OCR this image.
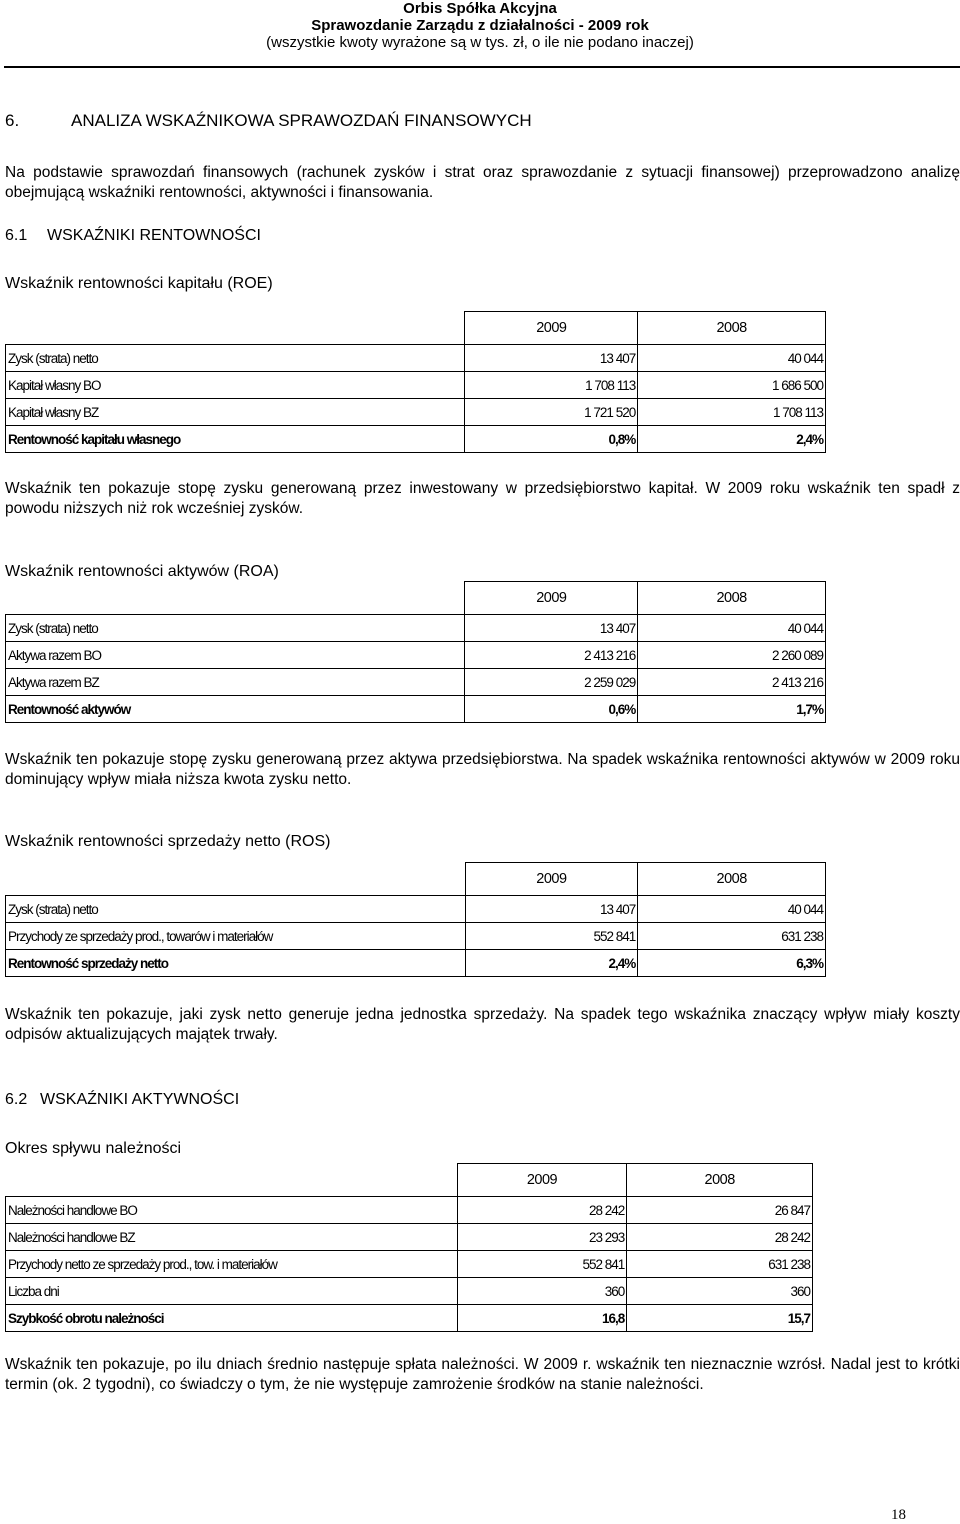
Orbis Spółka Akcyjna
Sprawozdanie Zarządu z działalności - 2009 rok
(wszystkie kwoty wyrażone są w tys. zł, o ile nie podano inaczej)
6.	ANALIZA WSKAŹNIKOWA SPRAWOZDAŃ FINANSOWYCH
Na podstawie sprawozdań finansowych (rachunek zysków i strat oraz sprawozdanie z sytuacji finansowej) przeprowadzono analizę obejmującą wskaźniki rentowności, aktywności i finansowania.
6.1 WSKAŹNIKI RENTOWNOŚCI
Wskaźnik rentowności kapitału (ROE)
	2009	2008
Zysk (strata) netto	13 407	40 044
Kapitał własny BO	1 708 113	1 686 500
Kapitał własny BZ	1 721 520	1 708 113
Rentowność kapitału własnego	0,8%	2,4%
Wskaźnik ten pokazuje stopę zysku generowaną przez inwestowany w przedsiębiorstwo kapitał. W 2009 roku wskaźnik ten spadł z powodu niższych niż rok wcześniej zysków.
Wskaźnik rentowności aktywów (ROA)
	2009	2008
Zysk (strata) netto	13 407	40 044
Aktywa razem BO	2 413 216	2 260 089
Aktywa razem BZ	2 259 029	2 413 216
Rentowność aktywów	0,6%	1,7%
Wskaźnik ten pokazuje stopę zysku generowaną przez aktywa przedsiębiorstwa. Na spadek wskaźnika rentowności aktywów w 2009 roku dominujący wpływ miała niższa kwota zysku netto.
Wskaźnik rentowności sprzedaży netto (ROS)
	2009	2008
Zysk (strata) netto	13 407	40 044
Przychody ze sprzedaży prod., towarów i materiałów	552 841	631 238
Rentowność sprzedaży netto	2,4%	6,3%
Wskaźnik ten pokazuje, jaki zysk netto generuje jedna jednostka sprzedaży. Na spadek tego wskaźnika znaczący wpływ miały koszty odpisów aktualizujących majątek trwały.
6.2 WSKAŹNIKI AKTYWNOŚCI
Okres spływu należności
	2009	2008
Należności handlowe BO	28 242	26 847
Należności handlowe BZ	23 293	28 242
Przychody netto ze sprzedaży prod., tow. i materiałów	552 841	631 238
Liczba dni	360	360
Szybkość obrotu należności	16,8	15,7
Wskaźnik ten pokazuje, po ilu dniach średnio następuje spłata należności. W 2009 r. wskaźnik ten nieznacznie wzrósł. Nadal jest to krótki termin (ok. 2 tygodni), co świadczy o tym, że nie występuje zamrożenie środków na stanie należności.
18
